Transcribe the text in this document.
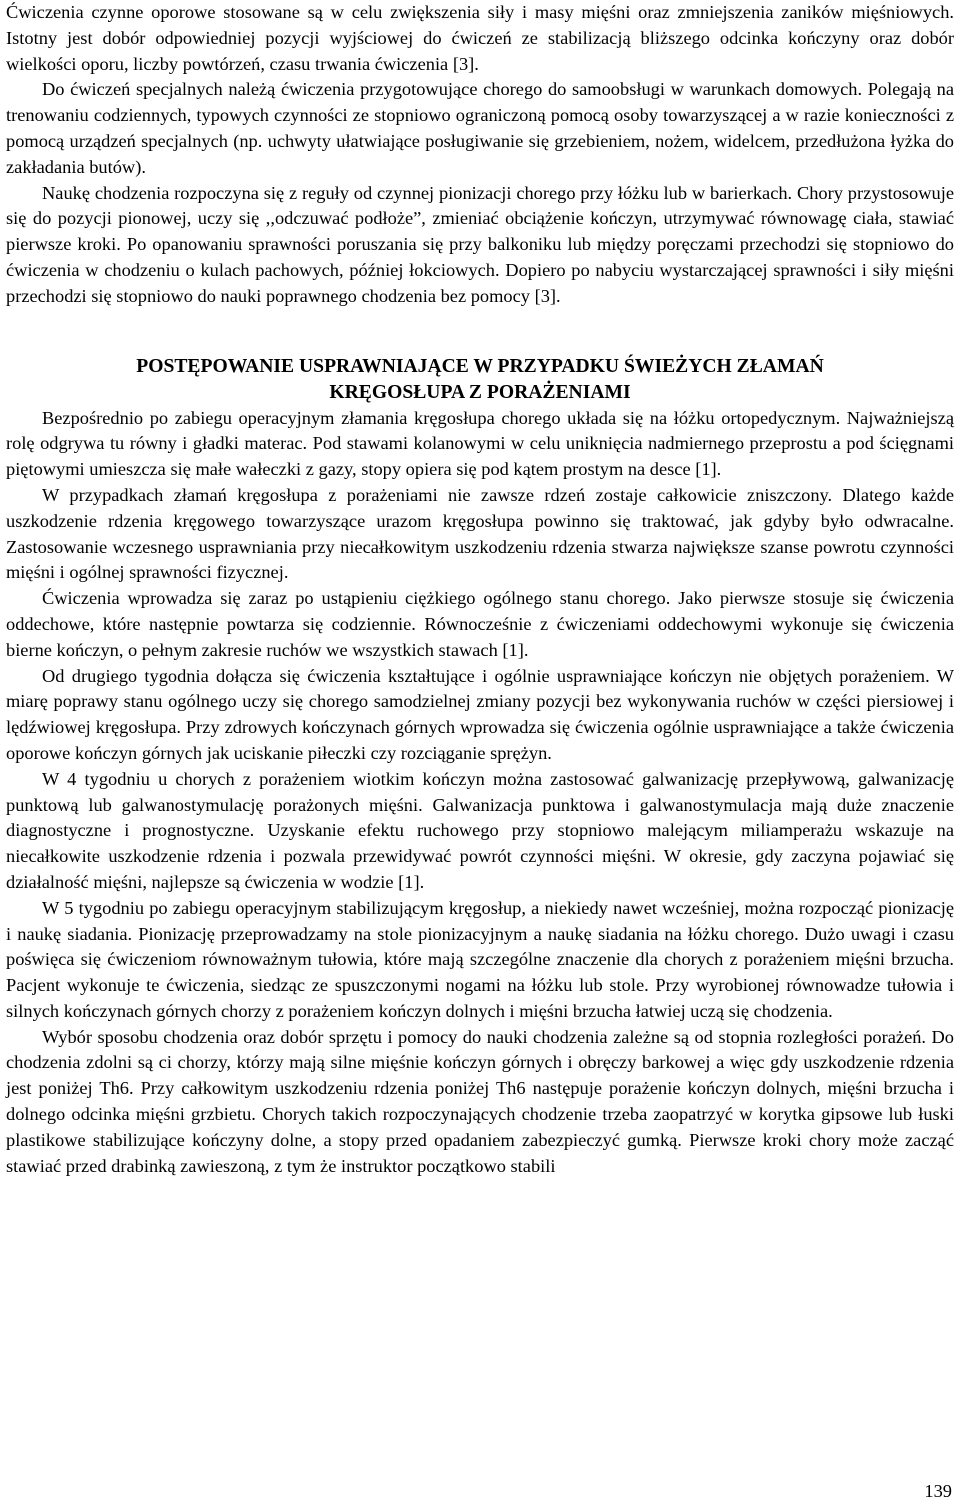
Ćwiczenia czynne oporowe stosowane są w celu zwiększenia siły i masy mięśni oraz zmniejszenia zaników mięśniowych. Istotny jest dobór odpowiedniej pozycji wyjściowej do ćwiczeń ze stabilizacją bliższego odcinka kończyny oraz dobór wielkości oporu, liczby powtórzeń, czasu trwania ćwiczenia [3].

Do ćwiczeń specjalnych należą ćwiczenia przygotowujące chorego do samoobsługi w warunkach domowych. Polegają na trenowaniu codziennych, typowych czynności ze stopniowo ograniczoną pomocą osoby towarzyszącej a w razie konieczności z pomocą urządzeń specjalnych (np. uchwyty ułatwiające posługiwanie się grzebieniem, nożem, widelcem, przedłużona łyżka do zakładania butów).

Naukę chodzenia rozpoczyna się z reguły od czynnej pionizacji chorego przy łóżku lub w barierkach. Chory przystosowuje się do pozycji pionowej, uczy się ,,odczuwać podłoże”, zmieniać obciążenie kończyn, utrzymywać równowagę ciała, stawiać pierwsze kroki. Po opanowaniu sprawności poruszania się przy balkoniku lub między poręczami przechodzi się stopniowo do ćwiczenia w chodzeniu o kulach pachowych, później łokciowych. Dopiero po nabyciu wystarczającej sprawności i siły mięśni przechodzi się stopniowo do nauki poprawnego chodzenia bez pomocy [3].

POSTĘPOWANIE USPRAWNIAJĄCE W PRZYPADKU ŚWIEŻYCH ZŁAMAŃ
KRĘGOSŁUPA Z PORAŻENIAMI

Bezpośrednio po zabiegu operacyjnym złamania kręgosłupa chorego układa się na łóżku ortopedycznym. Najważniejszą rolę odgrywa tu równy i gładki materac. Pod stawami kolanowymi w celu uniknięcia nadmiernego przeprostu a pod ścięgnami piętowymi umieszcza się małe wałeczki z gazy, stopy opiera się pod kątem prostym na desce [1].

W przypadkach złamań kręgosłupa z porażeniami nie zawsze rdzeń zostaje całkowicie zniszczony. Dlatego każde uszkodzenie rdzenia kręgowego towarzyszące urazom kręgosłupa powinno się traktować, jak gdyby było odwracalne. Zastosowanie wczesnego usprawniania przy niecałkowitym uszkodzeniu rdzenia stwarza największe szanse powrotu czynności mięśni i ogólnej sprawności fizycznej.

Ćwiczenia wprowadza się zaraz po ustąpieniu ciężkiego ogólnego stanu chorego. Jako pierwsze stosuje się ćwiczenia oddechowe, które następnie powtarza się codziennie. Równocześnie z ćwiczeniami oddechowymi wykonuje się ćwiczenia bierne kończyn, o pełnym zakresie ruchów we wszystkich stawach [1].

Od drugiego tygodnia dołącza się ćwiczenia kształtujące i ogólnie usprawniające kończyn nie objętych porażeniem. W miarę poprawy stanu ogólnego uczy się chorego samodzielnej zmiany pozycji bez wykonywania ruchów w części piersiowej i lędźwiowej kręgosłupa. Przy zdrowych kończynach górnych wprowadza się ćwiczenia ogólnie usprawniające a także ćwiczenia oporowe kończyn górnych jak uciskanie piłeczki czy rozciąganie sprężyn.

W 4 tygodniu u chorych z porażeniem wiotkim kończyn można zastosować galwanizację przepływową, galwanizację punktową lub galwanostymulację porażonych mięśni. Galwanizacja punktowa i galwanostymulacja mają duże znaczenie diagnostyczne i prognostyczne. Uzyskanie efektu ruchowego przy stopniowo malejącym miliamperażu wskazuje na niecałkowite uszkodzenie rdzenia i pozwala przewidywać powrót czynności mięśni. W okresie, gdy zaczyna pojawiać się działalność mięśni, najlepsze są ćwiczenia w wodzie [1].

W 5 tygodniu po zabiegu operacyjnym stabilizującym kręgosłup, a niekiedy nawet wcześniej, można rozpocząć pionizację i naukę siadania. Pionizację przeprowadzamy na stole pionizacyjnym a naukę siadania na łóżku chorego. Dużo uwagi i czasu poświęca się ćwiczeniom równoważnym tułowia, które mają szczególne znaczenie dla chorych z porażeniem mięśni brzucha. Pacjent wykonuje te ćwiczenia, siedząc ze spuszczonymi nogami na łóżku lub stole. Przy wyrobionej równowadze tułowia i silnych kończynach górnych chorzy z porażeniem kończyn dolnych i mięśni brzucha łatwiej uczą się chodzenia.

Wybór sposobu chodzenia oraz dobór sprzętu i pomocy do nauki chodzenia zależne są od stopnia rozległości porażeń. Do chodzenia zdolni są ci chorzy, którzy mają silne mięśnie kończyn górnych i obręczy barkowej a więc gdy uszkodzenie rdzenia jest poniżej Th6. Przy całkowitym uszkodzeniu rdzenia poniżej Th6 następuje porażenie kończyn dolnych, mięśni brzucha i dolnego odcinka mięśni grzbietu. Chorych takich rozpoczynających chodzenie trzeba zaopatrzyć w korytka gipsowe lub łuski plastikowe stabilizujące kończyny dolne, a stopy przed opadaniem zabezpieczyć gumką. Pierwsze kroki chory może zacząć stawiać przed drabinką zawieszoną, z tym że instruktor początkowo stabili

139
